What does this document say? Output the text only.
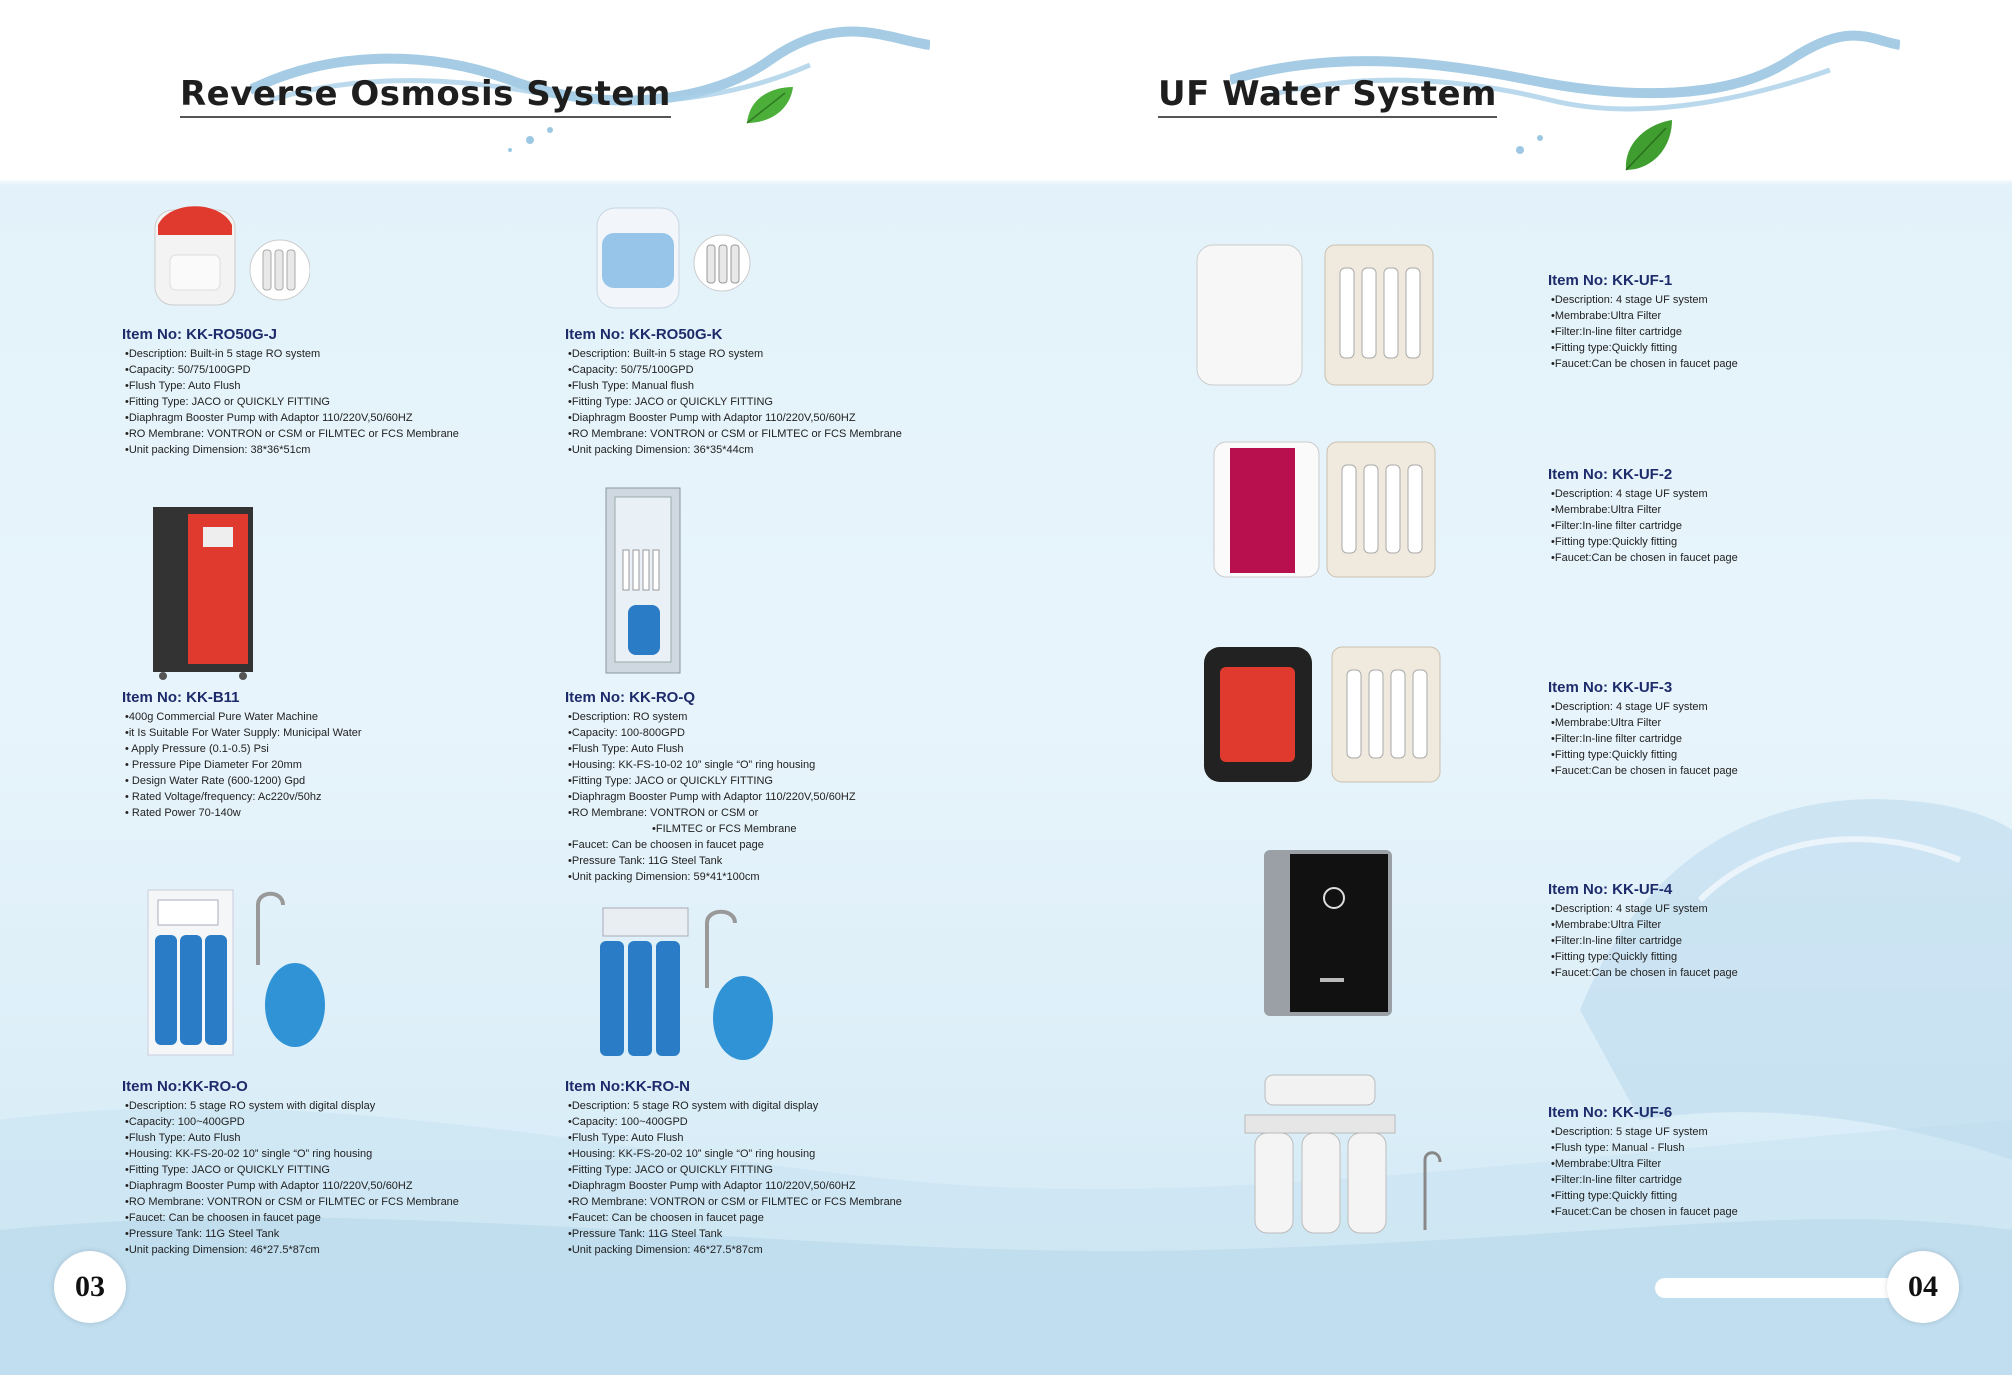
Reverse Osmosis System	UF Water System
Item No: KK-RO50G-J
• Description: Built-in 5 stage RO system
• Capacity: 50/75/100GPD
• Flush Type: Auto Flush
• Fitting Type: JACO or QUICKLY FITTING
• Diaphragm Booster Pump with Adaptor 110/220V,50/60HZ
• RO Membrane: VONTRON or CSM or FILMTEC or FCS Membrane
• Unit packing Dimension: 38*36*51cm
Item No: KK-RO50G-K
• Description: Built-in 5 stage RO system
• Capacity: 50/75/100GPD
• Flush Type: Manual flush
• Fitting Type: JACO or QUICKLY FITTING
• Diaphragm Booster Pump with Adaptor 110/220V,50/60HZ
• RO Membrane: VONTRON or CSM or FILMTEC or FCS Membrane
• Unit packing Dimension: 36*35*44cm
Item No: KK-B11
• 400g Commercial Pure Water Machine
• it Is Suitable For Water Supply: Municipal Water
• Apply Pressure (0.1-0.5) Psi
• Pressure Pipe Diameter For 20mm
• Design Water Rate (600-1200) Gpd
• Rated Voltage/frequency: Ac220v/50hz
• Rated Power 70-140w
Item No: KK-RO-Q
• Description: RO system
• Capacity: 100-800GPD
• Flush Type: Auto Flush
• Housing: KK-FS-10-02 10” single “O” ring housing
• Fitting Type: JACO or QUICKLY FITTING
• Diaphragm Booster Pump with Adaptor 110/220V,50/60HZ
• RO Membrane: VONTRON or CSM or
• FILMTEC or FCS Membrane
• Faucet: Can be choosen in faucet page
• Pressure Tank: 11G Steel Tank
• Unit packing Dimension: 59*41*100cm
Item No:KK-RO-O
• Description: 5 stage RO system with digital display
• Capacity: 100~400GPD
• Flush Type: Auto Flush
• Housing: KK-FS-20-02 10” single “O” ring housing
• Fitting Type: JACO or QUICKLY FITTING
• Diaphragm Booster Pump with Adaptor 110/220V,50/60HZ
• RO Membrane: VONTRON or CSM or FILMTEC or FCS Membrane
• Faucet: Can be choosen in faucet page
• Pressure Tank: 11G Steel Tank
• Unit packing Dimension: 46*27.5*87cm
Item No:KK-RO-N
• Description: 5 stage RO system with digital display
• Capacity: 100~400GPD
• Flush Type: Auto Flush
• Housing: KK-FS-20-02 10” single “O” ring housing
• Fitting Type: JACO or QUICKLY FITTING
• Diaphragm Booster Pump with Adaptor 110/220V,50/60HZ
• RO Membrane: VONTRON or CSM or FILMTEC or FCS Membrane
• Faucet: Can be choosen in faucet page
• Pressure Tank: 11G Steel Tank
• Unit packing Dimension: 46*27.5*87cm
03
Item No: KK-UF-1
• Description: 4 stage UF system
• Membrabe:Ultra Filter
• Filter:In-line filter cartridge
• Fitting type:Quickly fitting
• Faucet:Can be chosen in faucet page
Item No: KK-UF-2
• Description: 4 stage UF system
• Membrabe:Ultra Filter
• Filter:In-line filter cartridge
• Fitting type:Quickly fitting
• Faucet:Can be chosen in faucet page
Item No: KK-UF-3
• Description: 4 stage UF system
• Membrabe:Ultra Filter
• Filter:In-line filter cartridge
• Fitting type:Quickly fitting
• Faucet:Can be chosen in faucet page
Item No: KK-UF-4
• Description: 4 stage UF system
• Membrabe:Ultra Filter
• Filter:In-line filter cartridge
• Fitting type:Quickly fitting
• Faucet:Can be chosen in faucet page
Item No: KK-UF-6
• Description: 5 stage UF system
• Flush type: Manual - Flush
• Membrabe:Ultra Filter
• Filter:In-line filter cartridge
• Fitting type:Quickly fitting
• Faucet:Can be chosen in faucet page
04
